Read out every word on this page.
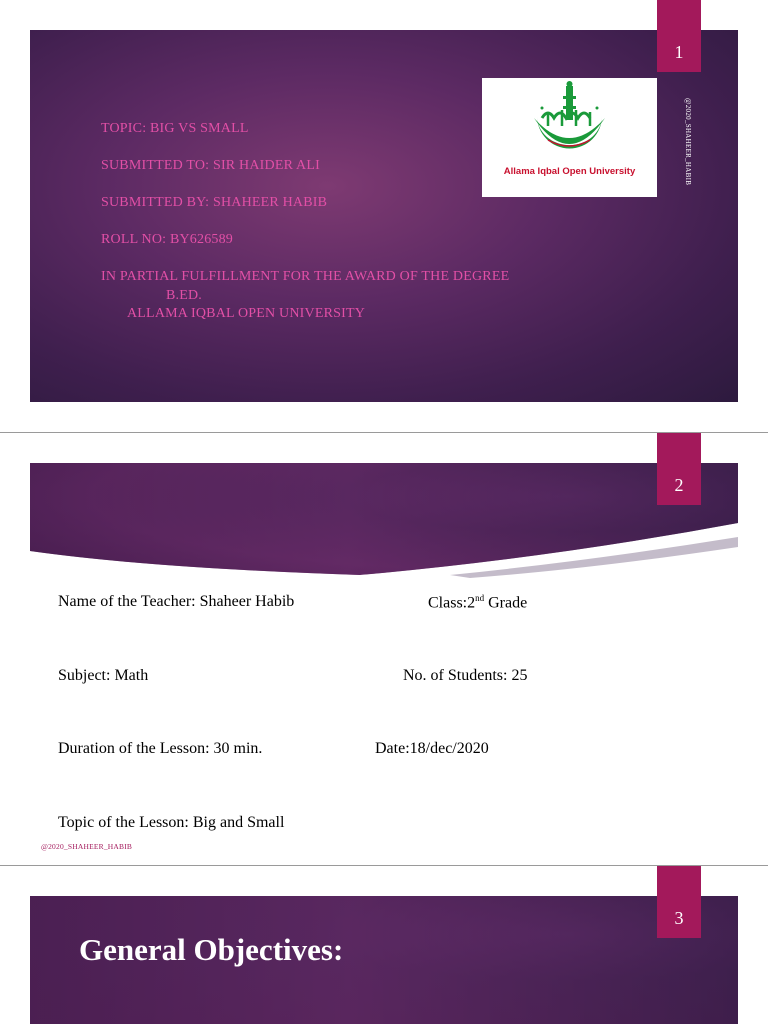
TOPIC: BIG VS SMALL
SUBMITTED TO: SIR HAIDER ALI
SUBMITTED BY: SHAHEER HABIB
ROLL NO: BY626589
IN PARTIAL FULFILLMENT FOR THE AWARD OF THE DEGREE
B.ED.
ALLAMA IQBAL OPEN UNIVERSITY
Allama Iqbal Open University	@2020_SHAHEER_HABIB
1
2
Name of the Teacher: Shaheer Habib	Class:2nd Grade
Subject: Math	No. of Students: 25
Duration of the Lesson: 30 min.	Date:18/dec/2020
Topic of the Lesson: Big and Small
@2020_SHAHEER_HABIB
General Objectives:
3
